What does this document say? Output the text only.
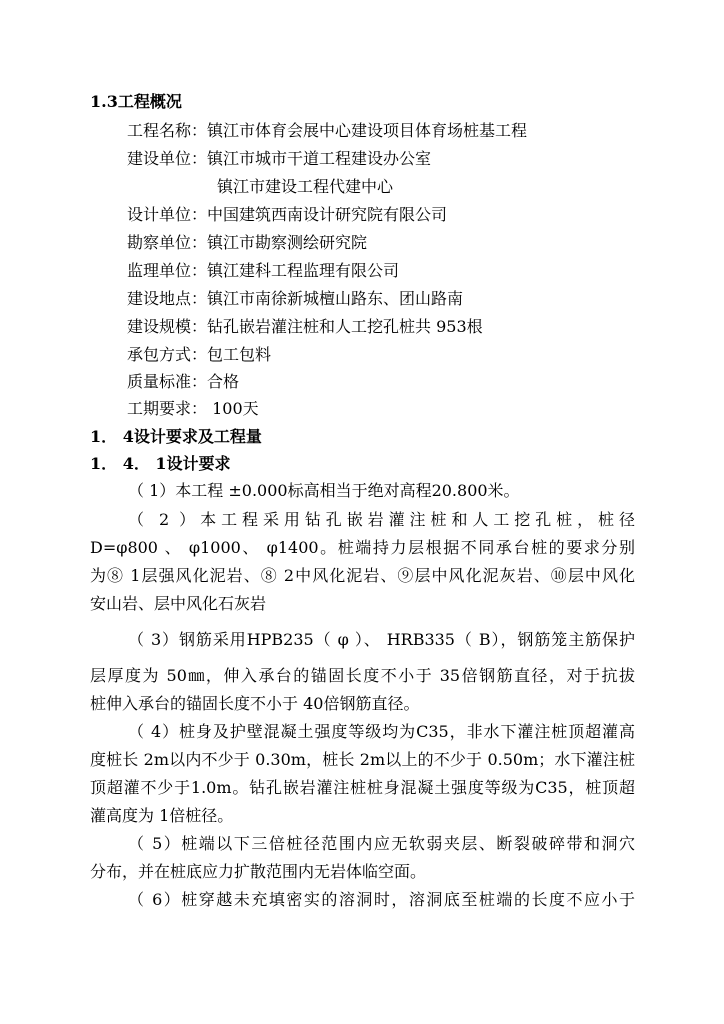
1.3工程概况
工程名称：镇江市体育会展中心建设项目体育场桩基工程
建设单位：镇江市城市干道工程建设办公室
镇江市建设工程代建中心
设计单位：中国建筑西南设计研究院有限公司
勘察单位：镇江市勘察测绘研究院
监理单位：镇江建科工程监理有限公司
建设地点：镇江市南徐新城檀山路东、团山路南
建设规模：钻孔嵌岩灌注桩和人工挖孔桩共 953根
承包方式：包工包料
质量标准：合格
工期要求： 100天
1． 4设计要求及工程量
1． 4． 1设计要求
（ 1）本工程 ±0.000标高相当于绝对高程20.800米。
（ 2 ）本工程采用钻孔嵌岩灌注桩和人工挖孔桩，桩径
D=φ800 、 φ1000、 φ1400。桩端持力层根据不同承台桩的要求分别
为⑧ 1层强风化泥岩、⑧ 2中风化泥岩、⑨层中风化泥灰岩、⑩层中风化
安山岩、层中风化石灰岩
（ 3）钢筋采用HPB235（ φ ）、 HRB335（ B），钢筋笼主筋保护
层厚度为 50㎜，伸入承台的锚固长度不小于 35倍钢筋直径，对于抗拔
桩伸入承台的锚固长度不小于 40倍钢筋直径。
（ 4）桩身及护壁混凝土强度等级均为C35，非水下灌注桩顶超灌高
度桩长 2m以内不少于 0.30m，桩长 2m以上的不少于 0.50m；水下灌注桩
顶超灌不少于1.0m。钻孔嵌岩灌注桩桩身混凝土强度等级为C35，桩顶超
灌高度为 1倍桩径。
（ 5）桩端以下三倍桩径范围内应无软弱夹层、断裂破碎带和洞穴
分布，并在桩底应力扩散范围内无岩体临空面。
（ 6）桩穿越未充填密实的溶洞时，溶洞底至桩端的长度不应小于
